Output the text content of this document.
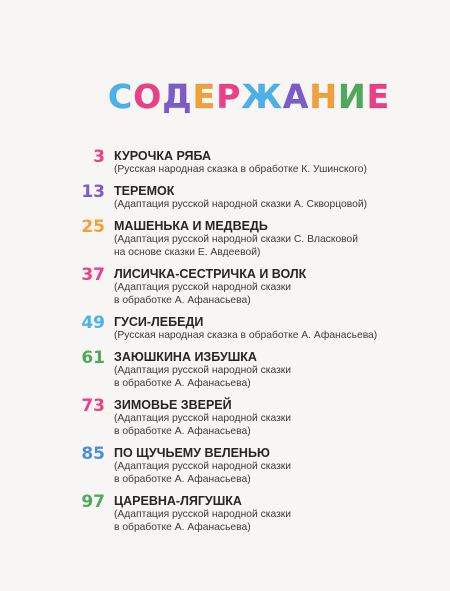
СОДЕРЖАНИЕ
3 КУРОЧКА РЯБА
(Русская народная сказка в обработке К. Ушинского)
13 ТЕРЕМОК
(Адаптация русской народной сказки А. Скворцовой)
25 МАШЕНЬКА И МЕДВЕДЬ
(Адаптация русской народной сказки С. Власковой
на основе сказки Е. Авдеевой)
37 ЛИСИЧКА-СЕСТРИЧКА И ВОЛК
(Адаптация русской народной сказки
в обработке А. Афанасьева)
49 ГУСИ-ЛЕБЕДИ
(Русская народная сказка в обработке А. Афанасьева)
61 ЗАЮШКИНА ИЗБУШКА
(Адаптация русской народной сказки
в обработке А. Афанасьева)
73 ЗИМОВЬЕ ЗВЕРЕЙ
(Адаптация русской народной сказки
в обработке А. Афанасьева)
85 ПО ЩУЧЬЕМУ ВЕЛЕНЬЮ
(Адаптация русской народной сказки
в обработке А. Афанасьева)
97 ЦАРЕВНА-ЛЯГУШКА
(Адаптация русской народной сказки
в обработке А. Афанасьева)
